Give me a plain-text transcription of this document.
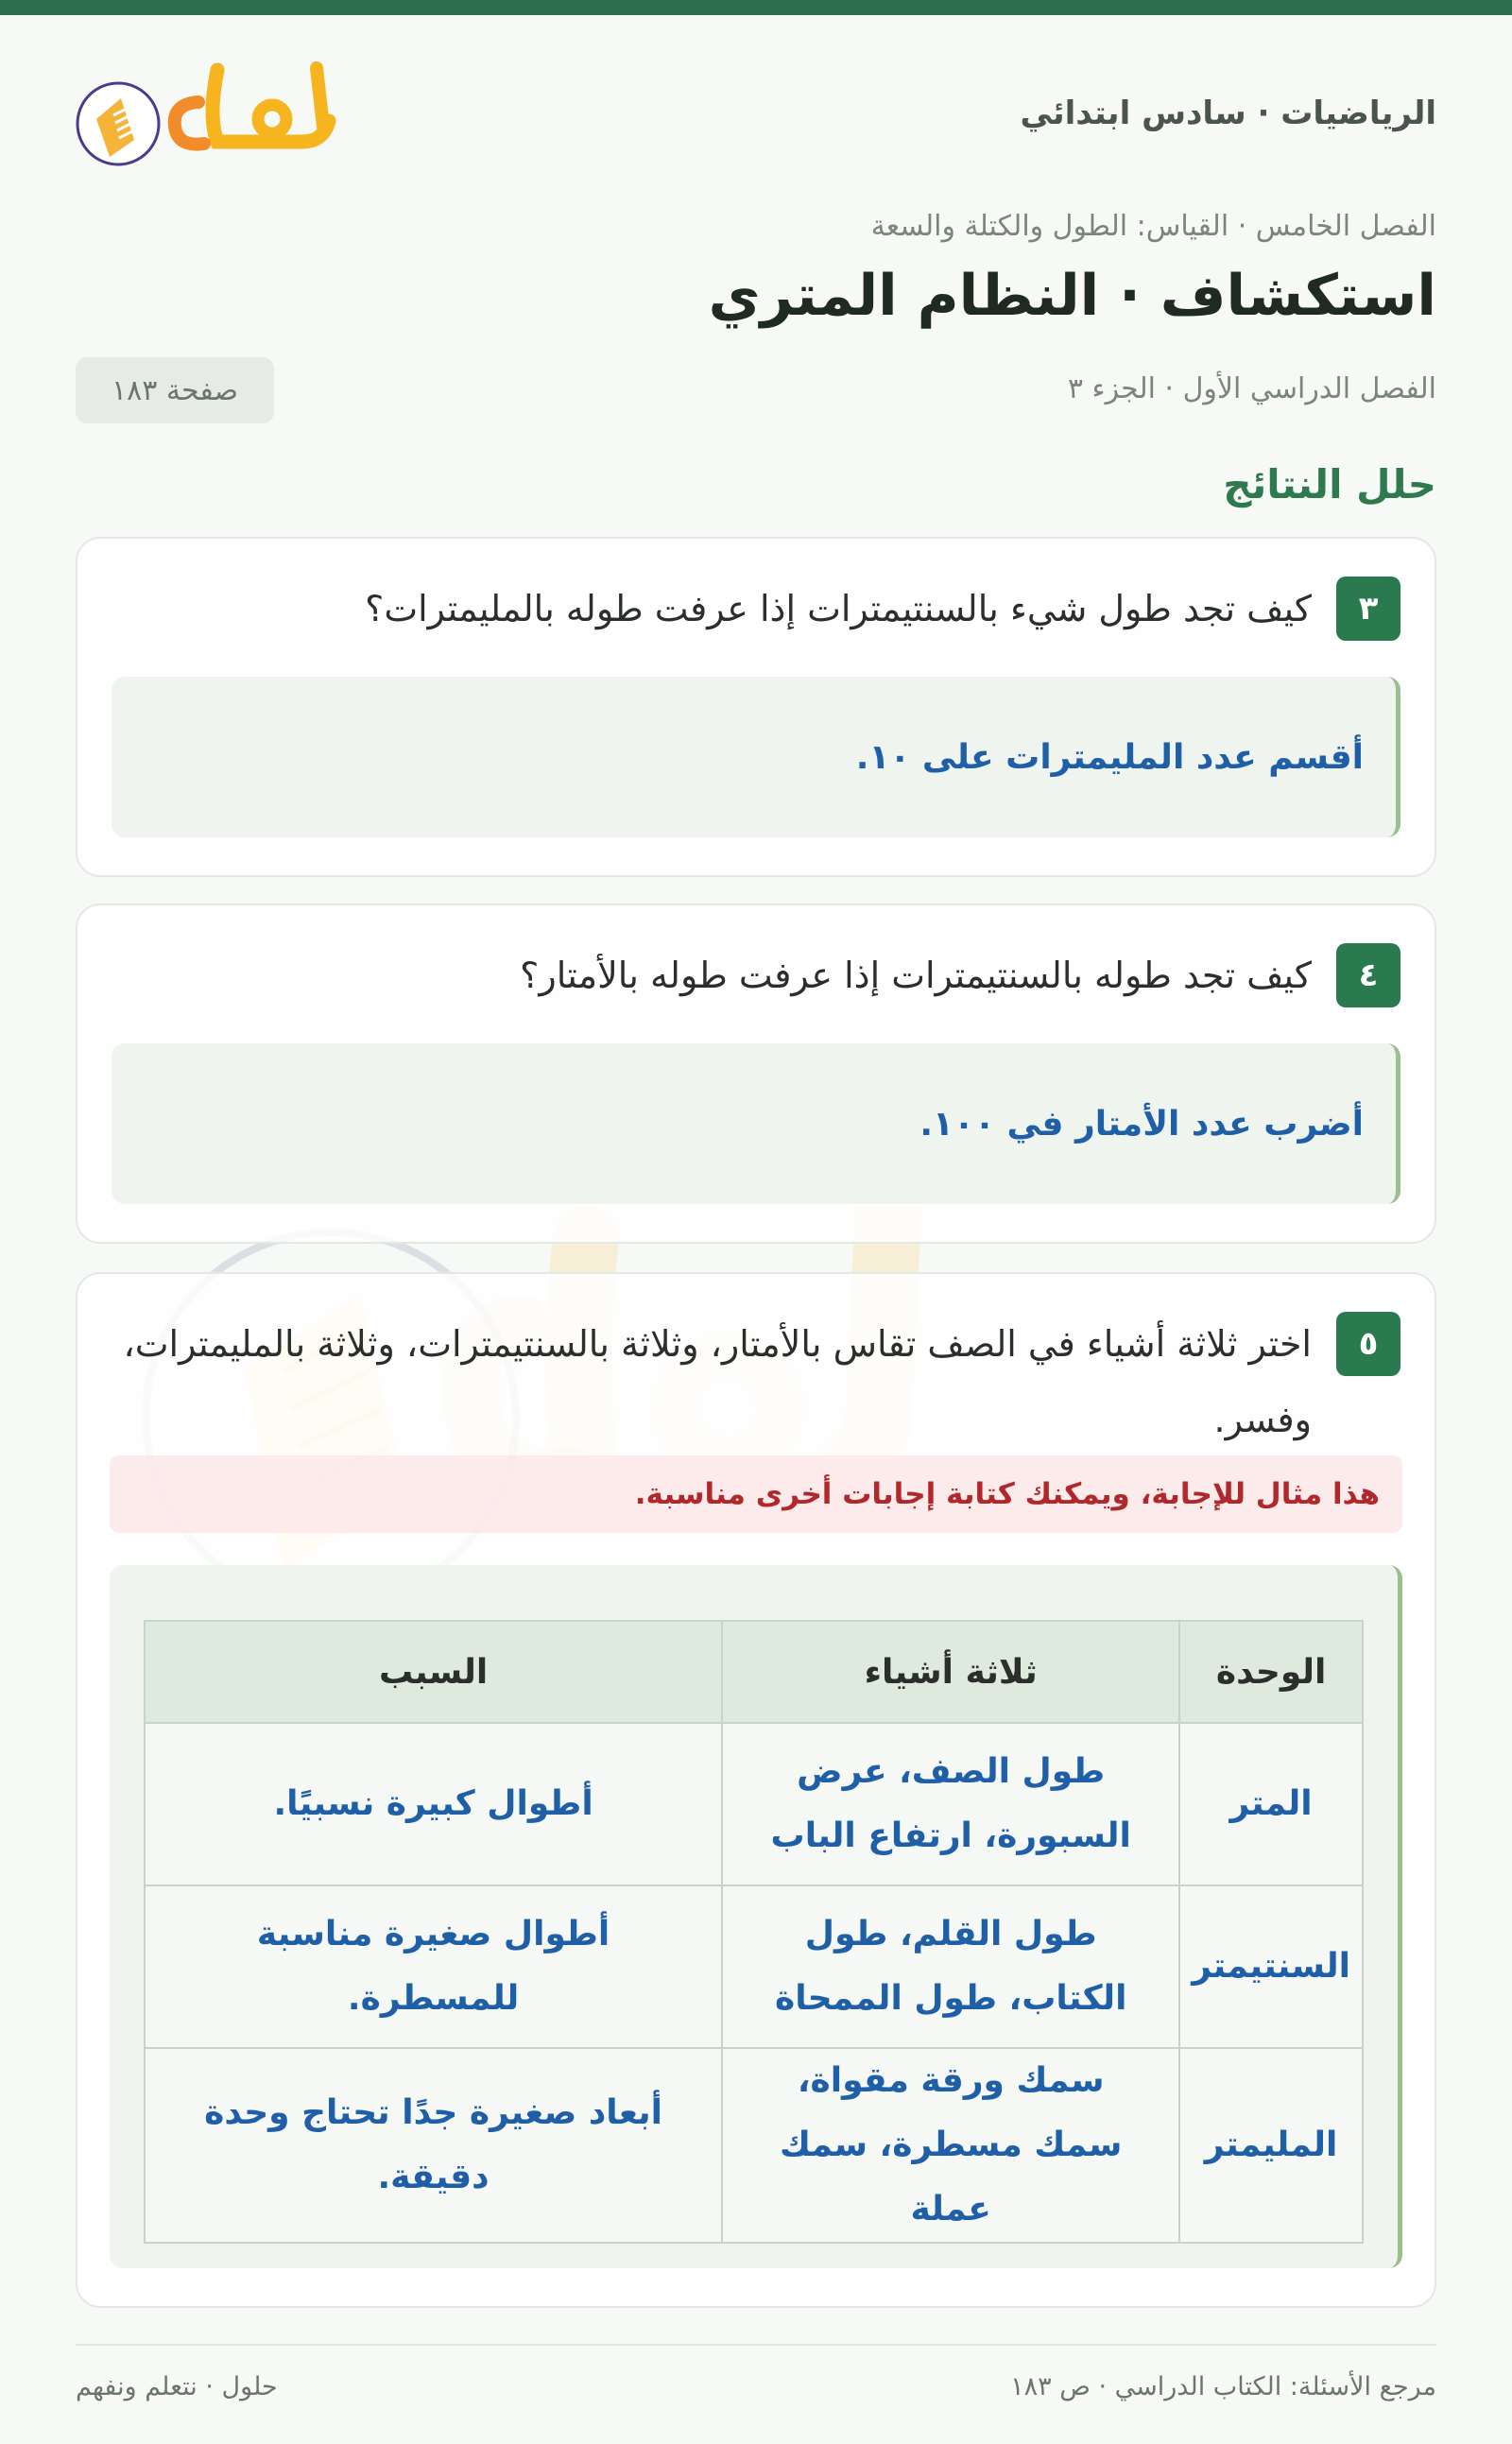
الرياضيات · سادس ابتدائي
الفصل الخامس · القياس: الطول والكتلة والسعة
استكشاف · النظام المتري
الفصل الدراسي الأول · الجزء ٣
صفحة ١٨٣
حلل النتائج
٣
كيف تجد طول شيء بالسنتيمترات إذا عرفت طوله بالمليمترات؟
أقسم عدد المليمترات على ١٠.
٤
كيف تجد طوله بالسنتيمترات إذا عرفت طوله بالأمتار؟
أضرب عدد الأمتار في ١٠٠.
٥
اختر ثلاثة أشياء في الصف تقاس بالأمتار، وثلاثة بالسنتيمترات، وثلاثة بالمليمترات، وفسر.
هذا مثال للإجابة، ويمكنك كتابة إجابات أخرى مناسبة.
الوحدة	ثلاثة أشياء	السبب
المتر	طول الصف، عرض السبورة، ارتفاع الباب	أطوال كبيرة نسبيًا.
السنتيمتر	طول القلم، طول الكتاب، طول الممحاة	أطوال صغيرة مناسبة للمسطرة.
المليمتر	سمك ورقة مقواة، سمك مسطرة، سمك عملة	أبعاد صغيرة جدًا تحتاج وحدة دقيقة.
مرجع الأسئلة: الكتاب الدراسي · ص ١٨٣
حلول · نتعلم ونفهم
